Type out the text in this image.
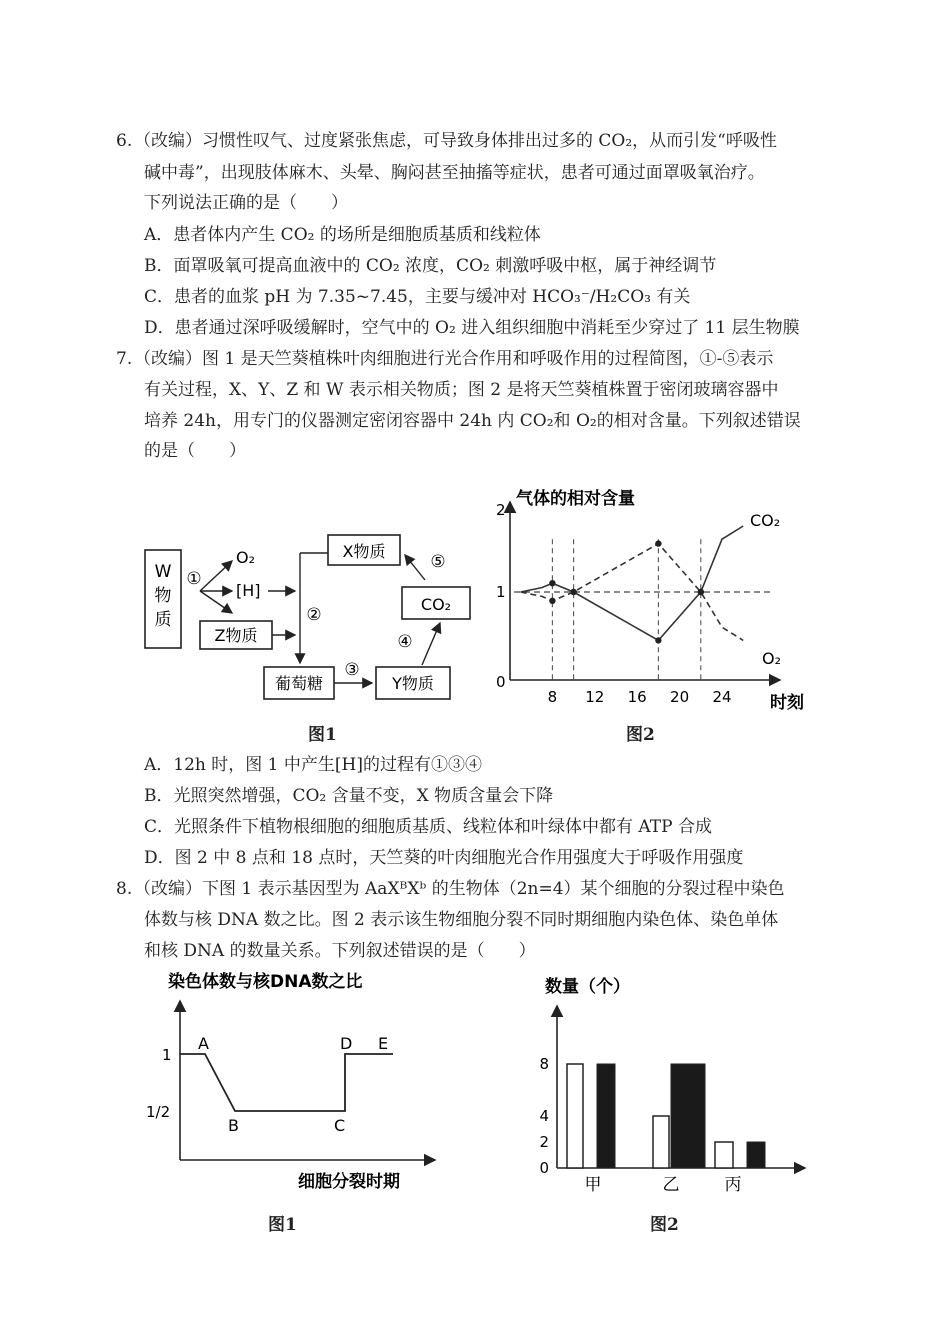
6. （改编）习惯性叹气、过度紧张焦虑，可导致身体排出过多的 CO₂，从而引发“呼吸性
碱中毒”，出现肢体麻木、头晕、胸闷甚至抽搐等症状，患者可通过面罩吸氧治疗。
下列说法正确的是（　　）
A．患者体内产生 CO₂ 的场所是细胞质基质和线粒体
B．面罩吸氧可提高血液中的 CO₂ 浓度，CO₂ 刺激呼吸中枢，属于神经调节
C．患者的血浆 pH 为 7.35~7.45，主要与缓冲对 HCO₃⁻/H₂CO₃ 有关
D．患者通过深呼吸缓解时，空气中的 O₂ 进入组织细胞中消耗至少穿过了 11 层生物膜
7. （改编）图 1 是天竺葵植株叶肉细胞进行光合作用和呼吸作用的过程简图，①-⑤表示
有关过程，X、Y、Z 和 W 表示相关物质；图 2 是将天竺葵植株置于密闭玻璃容器中
培养 24h，用专门的仪器测定密闭容器中 24h 内 CO₂和 O₂的相对含量。下列叙述错误
的是（　　）
W
物
质
①
O₂
[H]
Z物质
②
X物质
⑤
CO₂
葡萄糖
③
Y物质
④
图1
气体的相对含量
时刻
2
1
0
8 12 16 20 24
CO₂
O₂
图2
A．12h 时，图 1 中产生[H]的过程有①③④
B．光照突然增强，CO₂ 含量不变，X 物质含量会下降
C．光照条件下植物根细胞的细胞质基质、线粒体和叶绿体中都有 ATP 合成
D．图 2 中 8 点和 18 点时，天竺葵的叶肉细胞光合作用强度大于呼吸作用强度
8. （改编）下图 1 表示基因型为 AaXᴮXᵇ 的生物体（2n=4）某个细胞的分裂过程中染色
体数与核 DNA 数之比。图 2 表示该生物细胞分裂不同时期细胞内染色体、染色单体
和核 DNA 的数量关系。下列叙述错误的是（　　）
染色体数与核DNA数之比
1
1/2
A
B	C
D E
细胞分裂时期
图1
数量（个）
8
4
2
0
甲	乙	丙
图2
